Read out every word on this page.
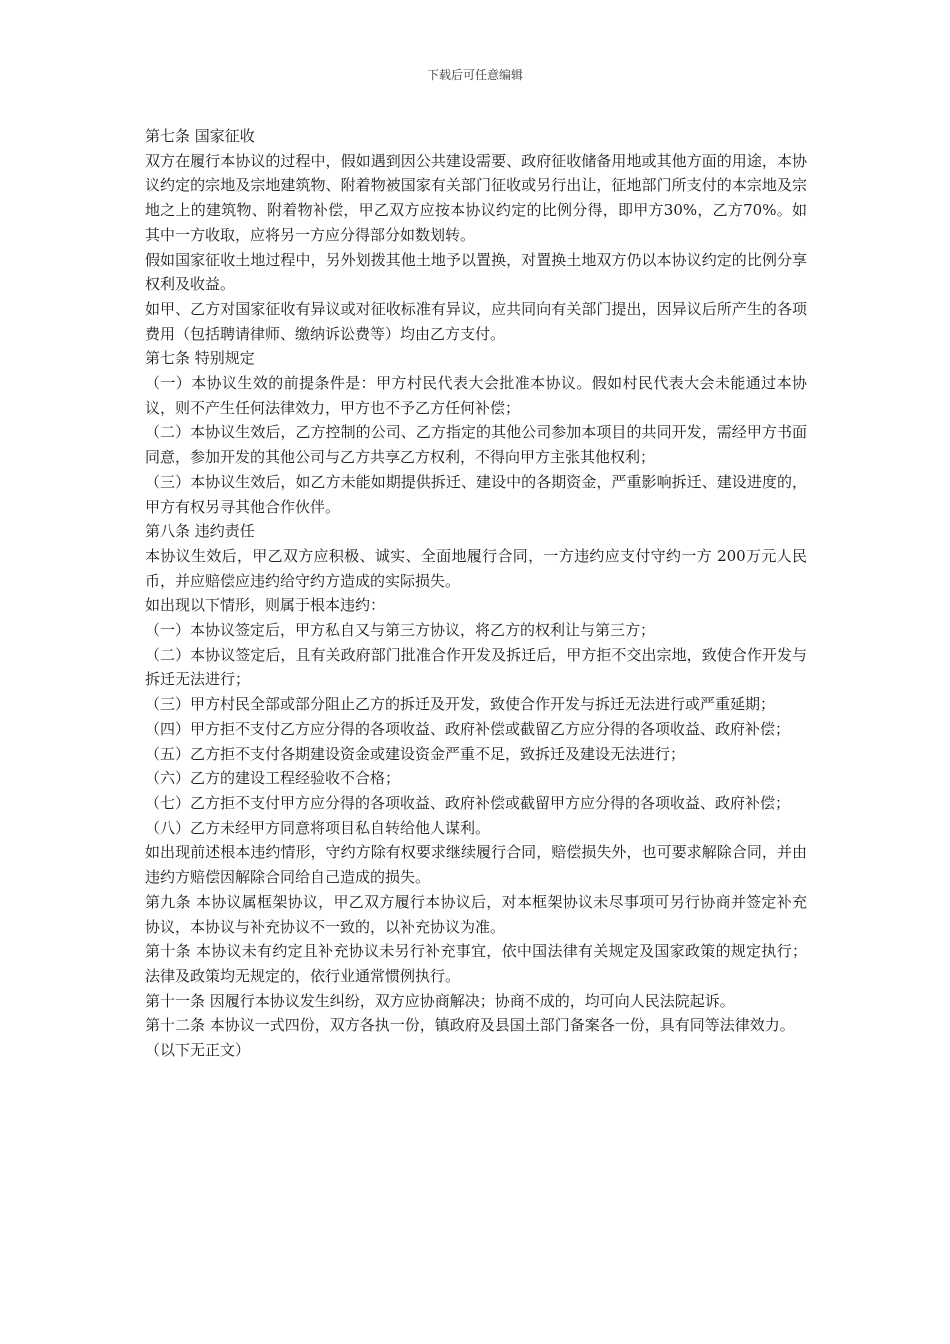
下载后可任意编辑

第七条 国家征收

双方在履行本协议的过程中，假如遇到因公共建设需要、政府征收储备用地或其他方面的用途，本协议约定的宗地及宗地建筑物、附着物被国家有关部门征收或另行出让，征地部门所支付的本宗地及宗地之上的建筑物、附着物补偿，甲乙双方应按本协议约定的比例分得，即甲方30%，乙方70%。如其中一方收取，应将另一方应分得部分如数划转。

假如国家征收土地过程中，另外划拨其他土地予以置换，对置换土地双方仍以本协议约定的比例分享权利及收益。

如甲、乙方对国家征收有异议或对征收标准有异议，应共同向有关部门提出，因异议后所产生的各项费用（包括聘请律师、缴纳诉讼费等）均由乙方支付。

第七条 特别规定

（一）本协议生效的前提条件是：甲方村民代表大会批准本协议。假如村民代表大会未能通过本协议，则不产生任何法律效力，甲方也不予乙方任何补偿；

（二）本协议生效后，乙方控制的公司、乙方指定的其他公司参加本项目的共同开发，需经甲方书面同意，参加开发的其他公司与乙方共享乙方权利，不得向甲方主张其他权利；

（三）本协议生效后，如乙方未能如期提供拆迁、建设中的各期资金，严重影响拆迁、建设进度的，甲方有权另寻其他合作伙伴。

第八条 违约责任

本协议生效后，甲乙双方应积极、诚实、全面地履行合同，一方违约应支付守约一方 200万元人民币，并应赔偿应违约给守约方造成的实际损失。

如出现以下情形，则属于根本违约：

（一）本协议签定后，甲方私自又与第三方协议，将乙方的权利让与第三方；

（二）本协议签定后，且有关政府部门批准合作开发及拆迁后，甲方拒不交出宗地，致使合作开发与拆迁无法进行；

（三）甲方村民全部或部分阻止乙方的拆迁及开发，致使合作开发与拆迁无法进行或严重延期；

（四）甲方拒不支付乙方应分得的各项收益、政府补偿或截留乙方应分得的各项收益、政府补偿；

（五）乙方拒不支付各期建设资金或建设资金严重不足，致拆迁及建设无法进行；

（六）乙方的建设工程经验收不合格；

（七）乙方拒不支付甲方应分得的各项收益、政府补偿或截留甲方应分得的各项收益、政府补偿；

（八）乙方未经甲方同意将项目私自转给他人谋利。

如出现前述根本违约情形，守约方除有权要求继续履行合同，赔偿损失外，也可要求解除合同，并由违约方赔偿因解除合同给自己造成的损失。

第九条 本协议属框架协议，甲乙双方履行本协议后，对本框架协议未尽事项可另行协商并签定补充协议，本协议与补充协议不一致的，以补充协议为准。

第十条 本协议未有约定且补充协议未另行补充事宜，依中国法律有关规定及国家政策的规定执行；法律及政策均无规定的，依行业通常惯例执行。

第十一条 因履行本协议发生纠纷，双方应协商解决；协商不成的，均可向人民法院起诉。

第十二条 本协议一式四份，双方各执一份，镇政府及县国土部门备案各一份，具有同等法律效力。

（以下无正文）
